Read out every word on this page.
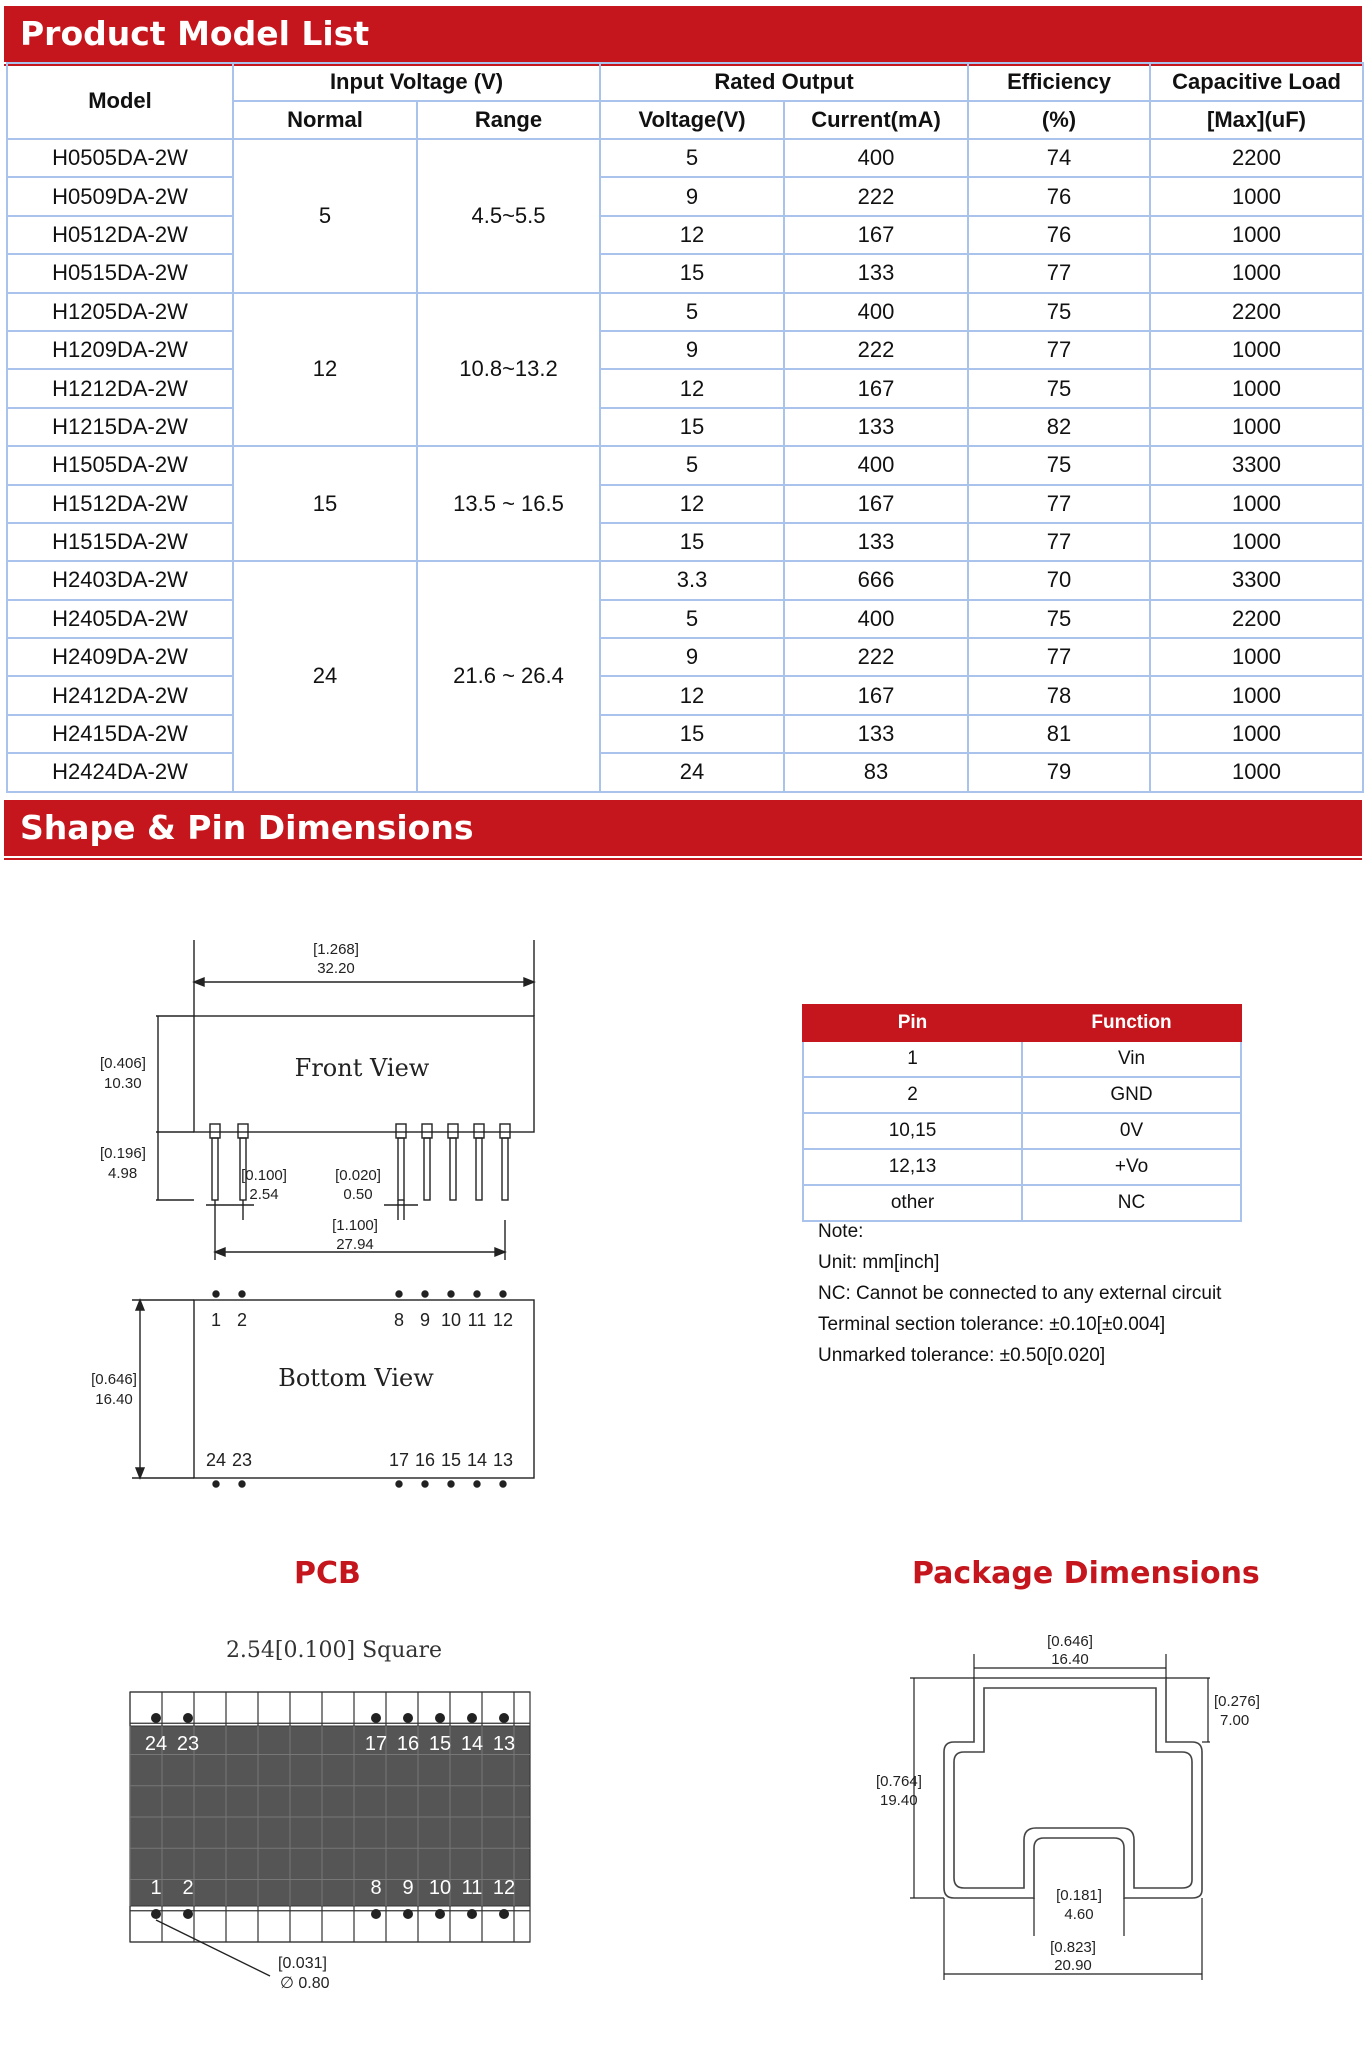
Product Model List
Model	Input Voltage (V)		Rated Output		Efficiency	Capacitive Load
	Normal	Range	Voltage(V)	Current(mA)	(%)	[Max](uF)
H0505DA-2W	5	4.5~5.5	5	400	74	2200
H0509DA-2W			9	222	76	1000
H0512DA-2W			12	167	76	1000
H0515DA-2W			15	133	77	1000
H1205DA-2W	12	10.8~13.2	5	400	75	2200
H1209DA-2W			9	222	77	1000
H1212DA-2W			12	167	75	1000
H1215DA-2W			15	133	82	1000
H1505DA-2W	15	13.5 ~ 16.5	5	400	75	3300
H1512DA-2W			12	167	77	1000
H1515DA-2W			15	133	77	1000
H2403DA-2W	24	21.6 ~ 26.4	3.3	666	70	3300
H2405DA-2W			5	400	75	2200
H2409DA-2W			9	222	77	1000
H2412DA-2W			12	167	78	1000
H2415DA-2W			15	133	81	1000
H2424DA-2W			24	83	79	1000
Shape & Pin Dimensions
[1.268]
32.20
[0.406]
10.30
[0.196]
4.98	[0.100]
2.54
[0.020]
0.50
[1.100]
27.94
[0.646]
16.40
Front View
Bottom View
1 2	8 9 10 11 12
24 23	17 16 15 14 13
Pin	Function
1	Vin
2	GND
10,15	0V
12,13	+Vo
other	NC
Note:
Unit: mm[inch]
NC: Cannot be connected to any external circuit
Terminal section tolerance: ±0.10[±0.004]
Unmarked tolerance: ±0.50[0.020]
PCB
2.54[0.100] Square
24 23	17 16 15 14 13
1 2	8 9 10 11 12
[0.031]
∅ 0.80
Package Dimensions
[0.646]
16.40
[0.276]
7.00
[0.764]
19.40
[0.181]
4.60
[0.823]
20.90
